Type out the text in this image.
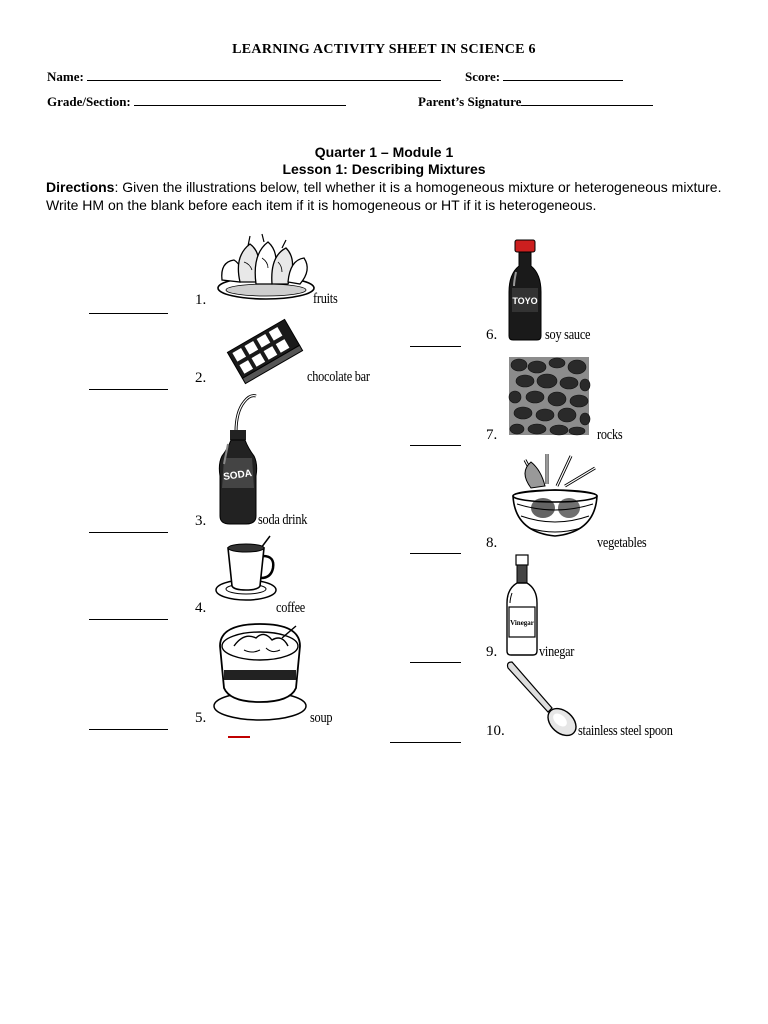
LEARNING ACTIVITY SHEET IN SCIENCE 6
Name:	Score:
Grade/Section:	Parent’s Signature
Quarter 1 – Module 1
Lesson 1: Describing Mixtures
Directions: Given the illustrations below, tell whether it is a homogeneous mixture or heterogeneous mixture. Write HM on the blank before each item if it is homogeneous or HT if it is heterogeneous.
1.	fruits
2.	chocolate bar
3.	soda drink
4.	coffee
5.	soup
6.	soy sauce
7.	rocks
8.	vegetables
9.	vinegar
10.	stainless steel spoon
SODA
TOYO
Vinegar
